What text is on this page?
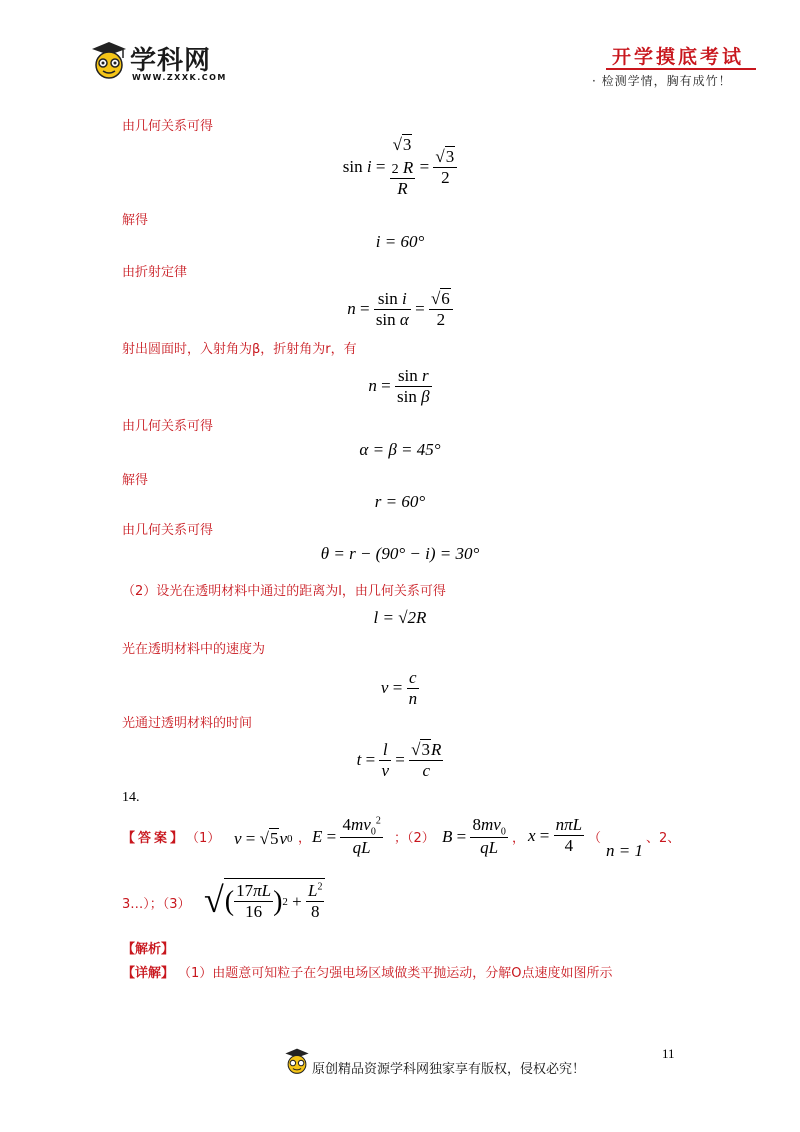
学科网
WWW.ZXXK.COM
开学摸底考试
· 检测学情，胸有成竹！
由几何关系可得
sin
i
=

√3
2 R
R

=
$\frac{√3}{2}$
解得
i = 60°
由折射定律
n
=
$\frac{\text{sin i}}{\text{sin α}}$
=
$\frac{√6}{2}$
射出圆面时，入射角为β，折射角为r，有
n
=
$\frac{\text{sin r}}{\text{sin β}}$
由几何关系可得
α = β = 45°
解得
r = 60°
由几何关系可得
θ = r − (90° − i) = 30°
（2）设光在透明材料中通过的距离为l，由几何关系可得
l = √2R
光在透明材料中的速度为
v
=
$\frac{c}{n}$
光通过透明材料的时间
t
=
$\frac{l}{v}$
=
$\frac{√3R}{c}$
14.
【答案】 （1） v
=
√5 v 0 ， E
=
$\frac{4mv_0^2}{qL}$ ；（2） B
=
$\frac{8mv_0}{qL}$ ， x
=
$\frac{\text{nπL}}{4}$ （
n = 1
、2、
3…）；（3） √ ( $\frac{17\pi L}{16}$ ) 2
+
$\frac{L^2}{8}$
【解析】
【详解】 （1）由题意可知粒子在匀强电场区域做类平抛运动，分解O点速度如图所示
原创精品资源学科网独家享有版权，侵权必究！
11
